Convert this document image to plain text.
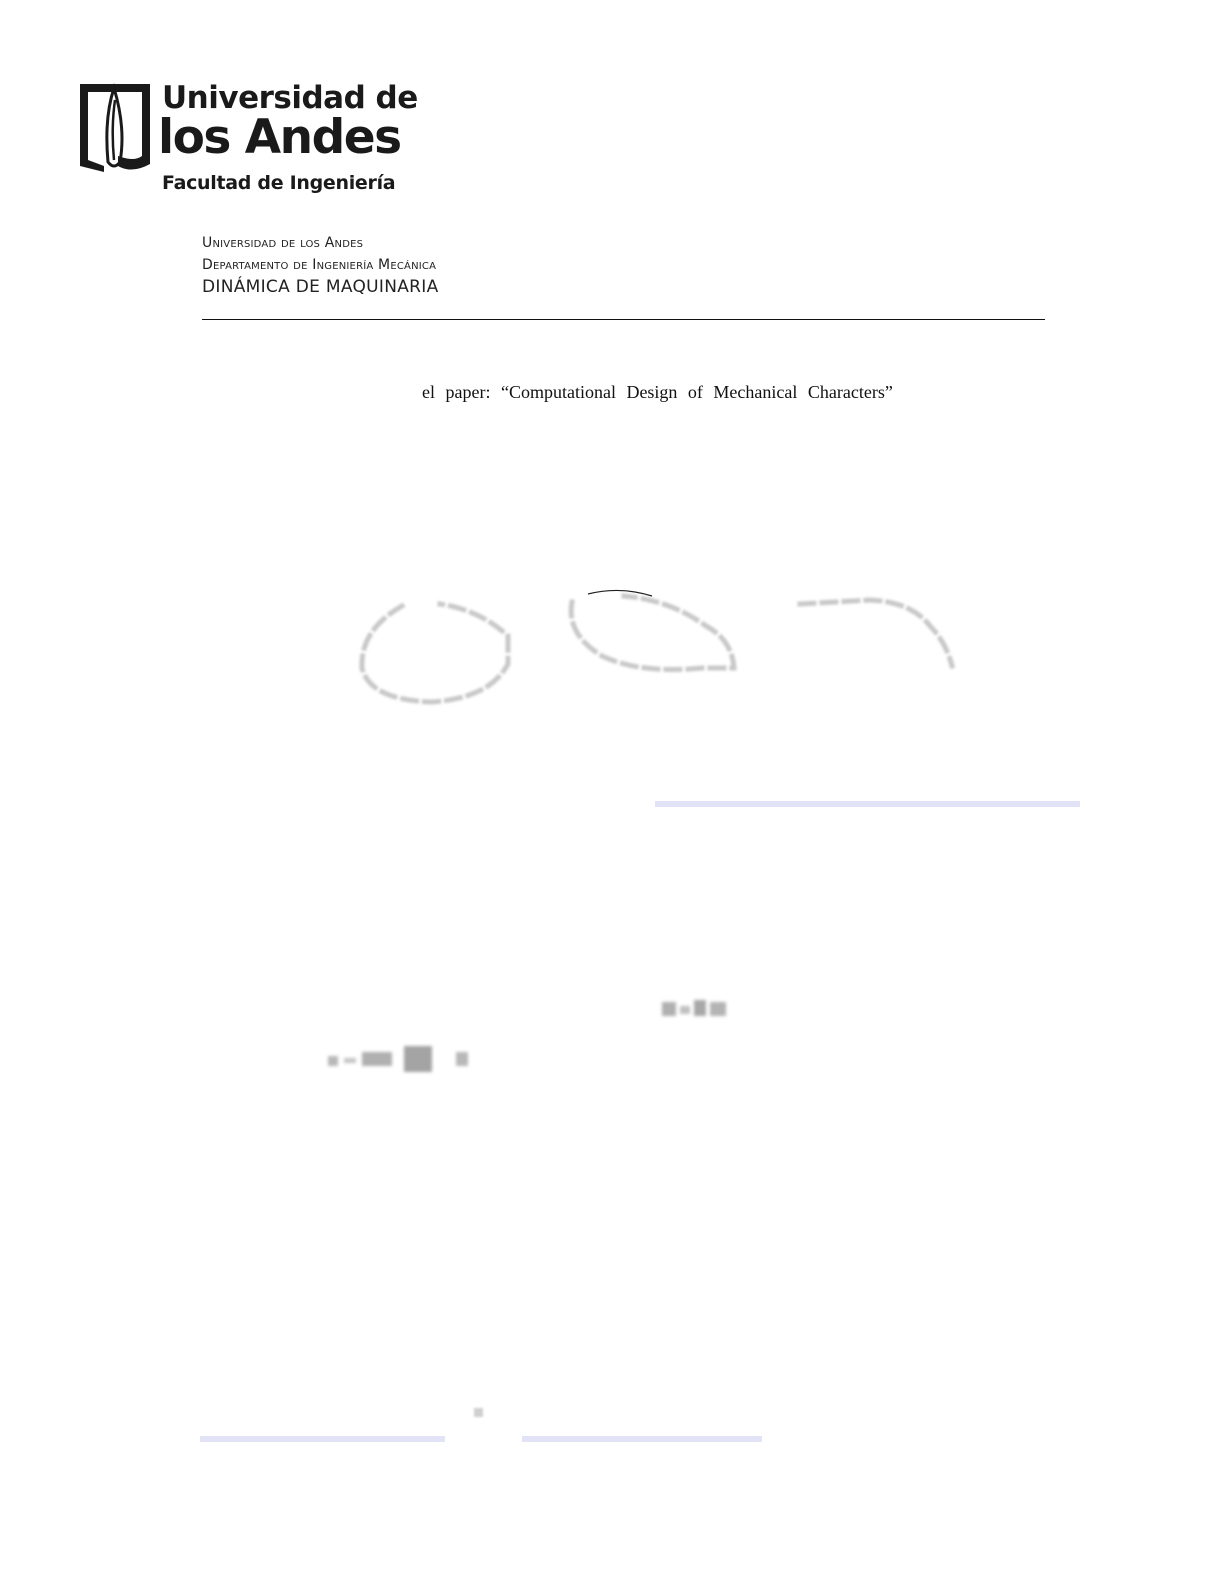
Universidad de
los Andes
Facultad de Ingeniería
Universidad de los Andes
Departamento de Ingeniería Mecánica
DINÁMICA DE MAQUINARIA
el paper: “Computational Design of Mechanical Characters”
